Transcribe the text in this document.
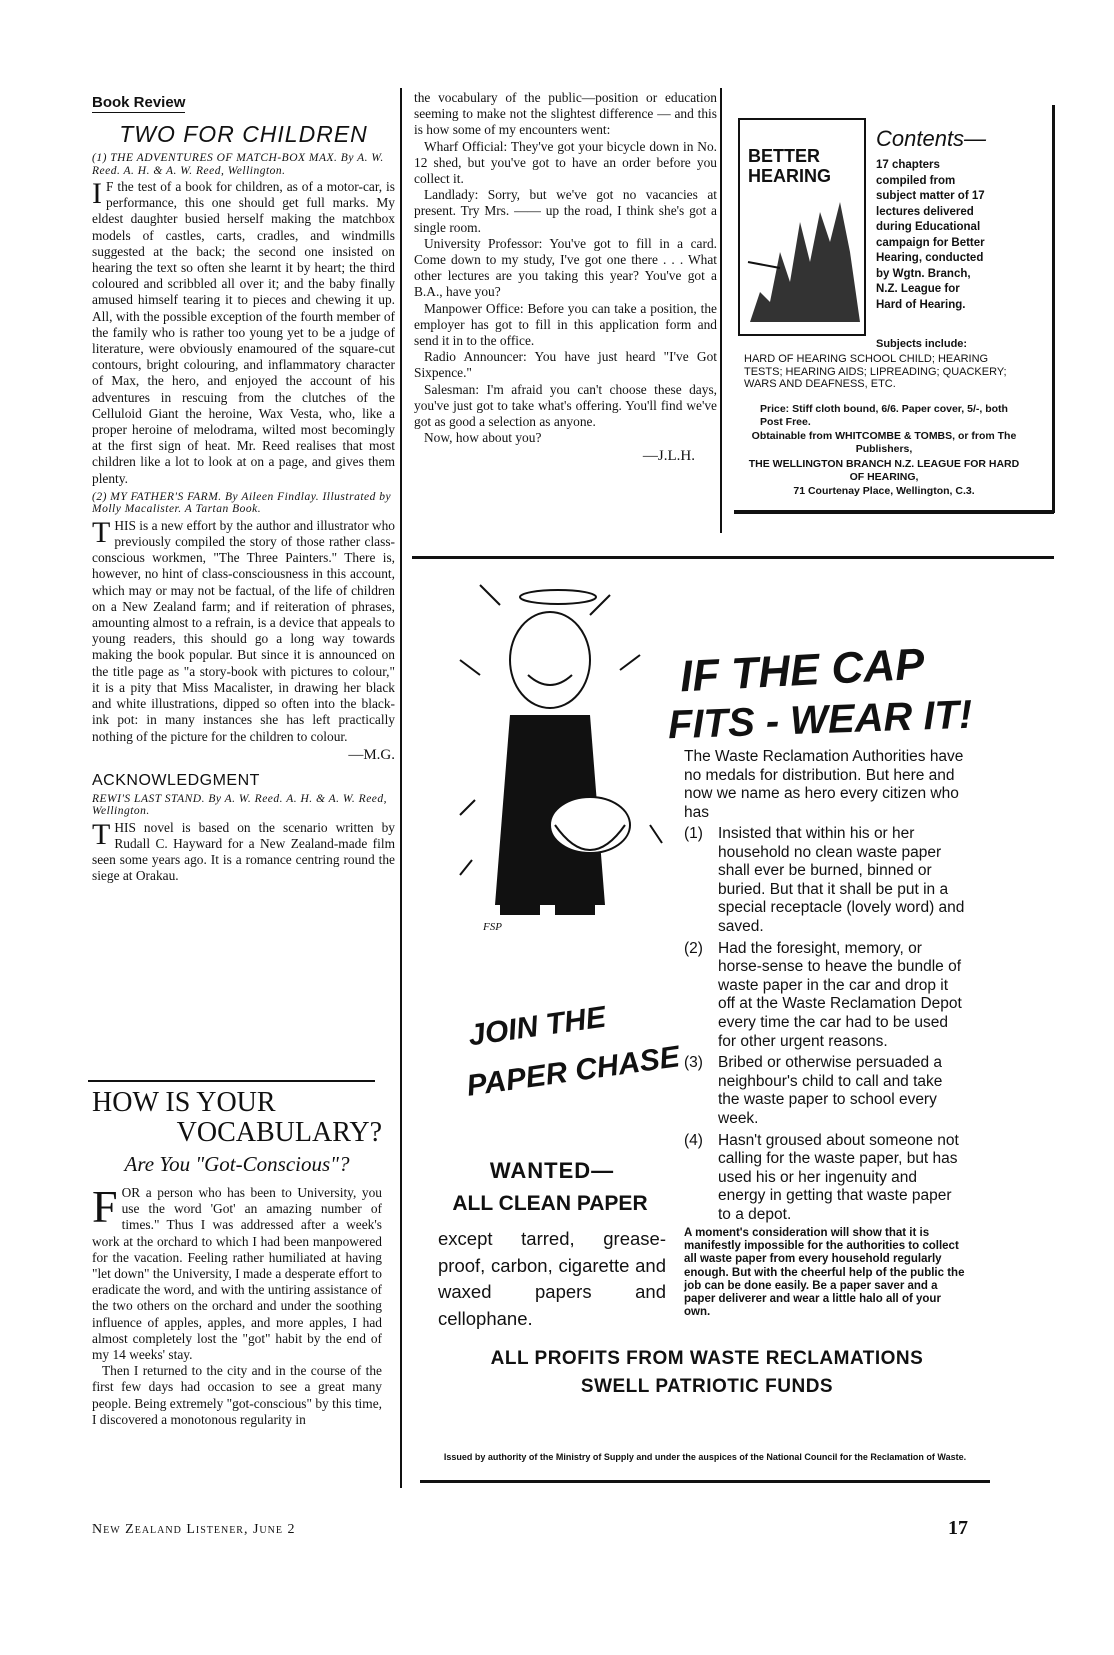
Book Review
TWO FOR CHILDREN
(1) THE ADVENTURES OF MATCH-BOX MAX. By A. W. Reed. A. H. & A. W. Reed, Wellington.
I F the test of a book for children, as of a motor-car, is performance, this one should get full marks. My eldest daughter busied herself making the matchbox models of castles, carts, cradles, and windmills suggested at the back; the second one insisted on hearing the text so often she learnt it by heart; the third coloured and scribbled all over it; and the baby finally amused himself tearing it to pieces and chewing it up. All, with the possible exception of the fourth member of the family who is rather too young yet to be a judge of literature, were obviously enamoured of the square-cut contours, bright colouring, and inflammatory character of Max, the hero, and enjoyed the account of his adventures in rescuing from the clutches of the Celluloid Giant the heroine, Wax Vesta, who, like a proper heroine of melodrama, wilted most becomingly at the first sign of heat. Mr. Reed realises that most children like a lot to look at on a page, and gives them plenty.
(2) MY FATHER'S FARM. By Aileen Findlay. Illustrated by Molly Macalister. A Tartan Book.
THIS is a new effort by the author and illustrator who previously compiled the story of those rather class-conscious workmen, "The Three Painters." There is, however, no hint of class-consciousness in this account, which may or may not be factual, of the life of children on a New Zealand farm; and if reiteration of phrases, amounting almost to a refrain, is a device that appeals to young readers, this should go a long way towards making the book popular. But since it is announced on the title page as "a story-book with pictures to colour," it is a pity that Miss Macalister, in drawing her black and white illustrations, dipped so often into the black-ink pot: in many instances she has left practically nothing of the picture for the children to colour.
—M.G.
ACKNOWLEDGMENT
REWI'S LAST STAND. By A. W. Reed. A. H. & A. W. Reed, Wellington.
THIS novel is based on the scenario written by Rudall C. Hayward for a New Zealand-made film seen some years ago. It is a romance centring round the siege at Orakau.
HOW IS YOUR
VOCABULARY?
Are You "Got-Conscious"?
FOR a person who has been to University, you use the word 'Got' an amazing number of times." Thus I was addressed after a week's work at the orchard to which I had been manpowered for the vacation. Feeling rather humiliated at having "let down" the University, I made a desperate effort to eradicate the word, and with the untiring assistance of the two others on the orchard and under the soothing influence of apples, apples, and more apples, I had almost completely lost the "got" habit by the end of my 14 weeks' stay.

Then I returned to the city and in the course of the first few days had occasion to see a great many people. Being extremely "got-conscious" by this time, I discovered a monotonous regularity in

the vocabulary of the public—position or education seeming to make not the slightest difference — and this is how some of my encounters went:

Wharf Official: They've got your bicycle down in No. 12 shed, but you've got to have an order before you collect it.

Landlady: Sorry, but we've got no vacancies at present. Try Mrs. —— up the road, I think she's got a single room.

University Professor: You've got to fill in a card. Come down to my study, I've got one there . . . What other lectures are you taking this year? You've got a B.A., have you?

Manpower Office: Before you can take a position, the employer has got to fill in this application form and send it in to the office.

Radio Announcer: You have just heard "I've Got Sixpence."

Salesman: I'm afraid you can't choose these days, you've just got to take what's offering. You'll find we've got as good a selection as anyone.

Now, how about you?

—J.L.H.
BETTER
HEARING
Contents—
17 chapters compiled from subject matter of 17 lectures delivered during Educational campaign for Better Hearing, conducted by Wgtn. Branch, N.Z. League for Hard of Hearing.
Subjects include:
HARD OF HEARING SCHOOL CHILD; HEARING TESTS; HEARING AIDS; LIPREADING; QUACKERY; WARS AND DEAFNESS, ETC.
Price: Stiff cloth bound, 6/6. Paper cover, 5/-, both Post Free.
Obtainable from WHITCOMBE & TOMBS, or from The Publishers,
THE WELLINGTON BRANCH N.Z. LEAGUE FOR HARD OF HEARING,
71 Courtenay Place, Wellington, C.3.
FSP
IF THE CAP
FITS - WEAR IT!
The Waste Reclamation Authorities have no medals for distribution. But here and now we name as hero every citizen who has
(1) Insisted that within his or her household no clean waste paper shall ever be burned, binned or buried. But that it shall be put in a special receptacle (lovely word) and saved.
(2) Had the foresight, memory, or horse-sense to heave the bundle of waste paper in the car and drop it off at the Waste Reclamation Depot every time the car had to be used for other urgent reasons.
(3) Bribed or otherwise persuaded a neighbour's child to call and take the waste paper to school every week.
(4) Hasn't groused about someone not calling for the waste paper, but has used his or her ingenuity and energy in getting that waste paper to a depot.
A moment's consideration will show that it is manifestly impossible for the authorities to collect all waste paper from every household regularly enough. But with the cheerful help of the public the job can be done easily. Be a paper saver and a paper deliverer and wear a little halo all of your own.
JOIN THE
PAPER CHASE
WANTED—
ALL CLEAN PAPER
except tarred, grease-proof, carbon, cigarette and waxed papers and cellophane.
ALL PROFITS FROM WASTE RECLAMATIONS
SWELL PATRIOTIC FUNDS
Issued by authority of the Ministry of Supply and under the auspices of the National Council for the Reclamation of Waste.
New Zealand Listener, June 2	17
